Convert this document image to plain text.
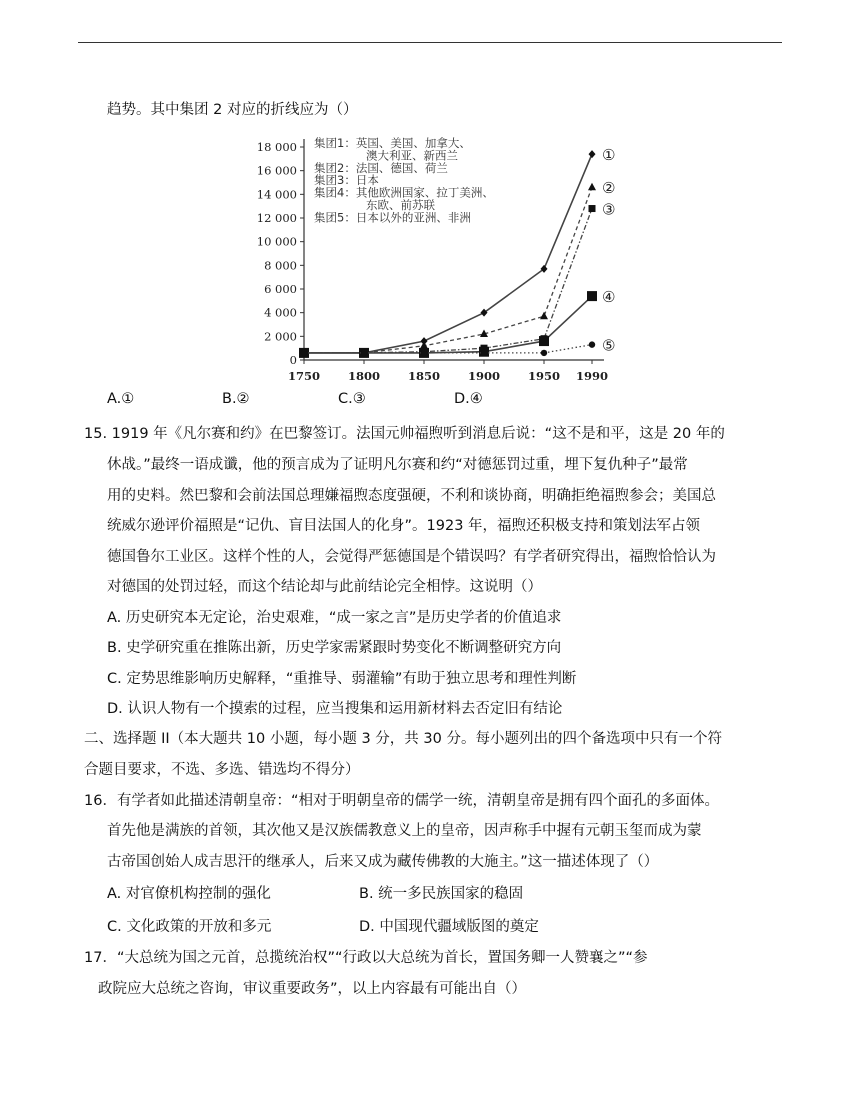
趋势。其中集团 2 对应的折线应为（）
0
2 000
4 000
6 000
8 000
10 000
12 000
14 000
16 000
18 000
1750 1800 1850 1900 1950 1990
集团1：英国、美国、加拿大、
澳大利亚、新西兰
集团2：法国、德国、荷兰
集团3：日本
集团4：其他欧洲国家、拉丁美洲、
东欧、前苏联
集团5：日本以外的亚洲、非洲
①
②
③
④
⑤
A.①	B.②	C.③	D.④
15. 1919 年《凡尔赛和约》在巴黎签订。法国元帅福煦听到消息后说：“这不是和平，这是 20 年的
休战。”最终一语成谶，他的预言成为了证明凡尔赛和约“对德惩罚过重，埋下复仇种子”最常
用的史料。然巴黎和会前法国总理嫌福煦态度强硬，不利和谈协商，明确拒绝福煦参会；美国总
统威尔逊评价福照是“记仇、盲目法国人的化身”。1923 年，福煦还积极支持和策划法军占领
德国鲁尔工业区。这样个性的人，会觉得严惩德国是个错误吗？有学者研究得出，福煦恰恰认为
对德国的处罚过轻，而这个结论却与此前结论完全相悖。这说明（）
A. 历史研究本无定论，治史艰难，“成一家之言”是历史学者的价值追求
B. 史学研究重在推陈出新，历史学家需紧跟时势变化不断调整研究方向
C. 定势思维影响历史解释，“重推导、弱灌输”有助于独立思考和理性判断
D. 认识人物有一个摸索的过程，应当搜集和运用新材料去否定旧有结论
二、选择题 II（本大题共 10 小题，每小题 3 分，共 30 分。每小题列出的四个备选项中只有一个符
合题目要求，不选、多选、错选均不得分）
16．有学者如此描述清朝皇帝：“相对于明朝皇帝的儒学一统，清朝皇帝是拥有四个面孔的多面体。
首先他是满族的首领，其次他又是汉族儒教意义上的皇帝，因声称手中握有元朝玉玺而成为蒙
古帝国创始人成吉思汗的继承人，后来又成为藏传佛教的大施主。”这一描述体现了（）
A. 对官僚机构控制的强化	B. 统一多民族国家的稳固
C. 文化政策的开放和多元	D. 中国现代疆域版图的奠定
17．“大总统为国之元首，总揽统治权”“行政以大总统为首长，置国务卿一人赞襄之”“参
政院应大总统之咨询，审议重要政务”，以上内容最有可能出自（）
